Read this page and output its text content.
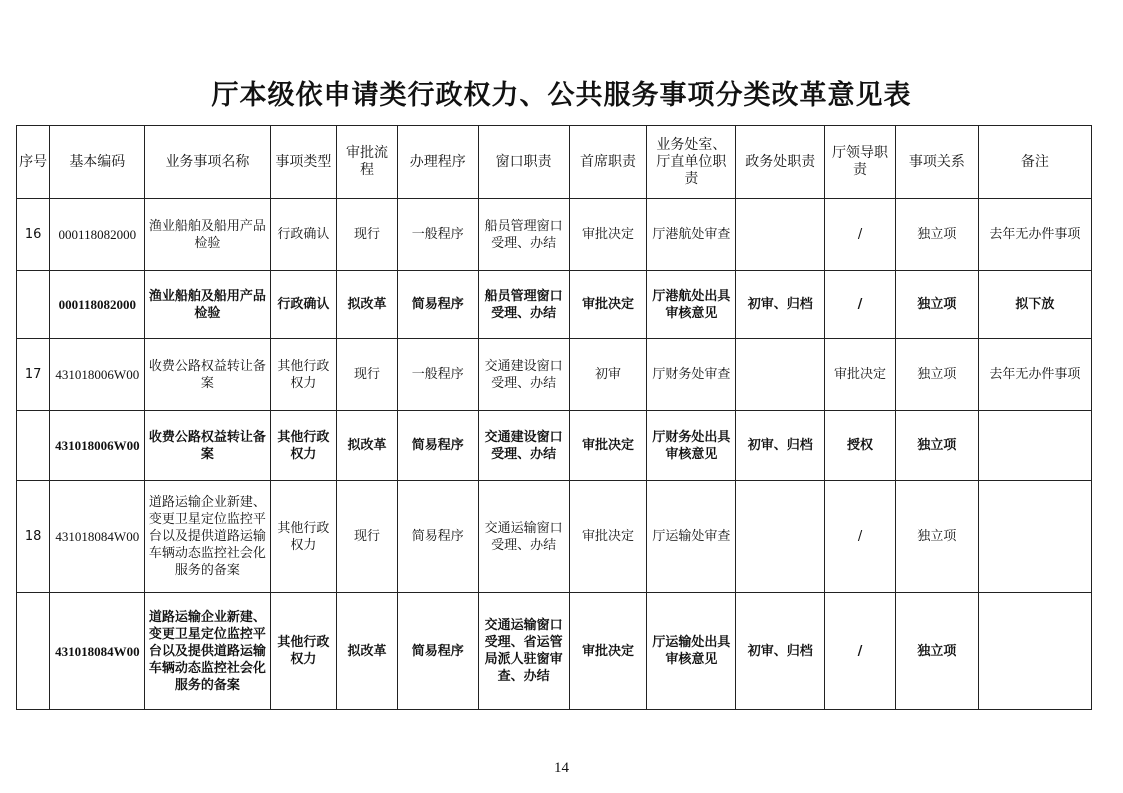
厅本级依申请类行政权力、公共服务事项分类改革意见表
序号	基本编码	业务事项名称	事项类型	审批流程	办理程序	窗口职责	首席职责	业务处室、厅直单位职责	政务处职责	厅领导职责	事项关系	备注
16	000118082000	渔业船舶及船用产品检验	行政确认	现行	一般程序	船员管理窗口受理、办结	审批决定	厅港航处审查		/	独立项	去年无办件事项
	000118082000	渔业船舶及船用产品检验	行政确认	拟改革	简易程序	船员管理窗口受理、办结	审批决定	厅港航处出具审核意见	初审、归档	/	独立项	拟下放
17	431018006W00	收费公路权益转让备案	其他行政权力	现行	一般程序	交通建设窗口受理、办结	初审	厅财务处审查		审批决定	独立项	去年无办件事项
	431018006W00	收费公路权益转让备案	其他行政权力	拟改革	简易程序	交通建设窗口受理、办结	审批决定	厅财务处出具审核意见	初审、归档	授权	独立项	
18	431018084W00	道路运输企业新建、变更卫星定位监控平台以及提供道路运输车辆动态监控社会化服务的备案	其他行政权力	现行	简易程序	交通运输窗口受理、办结	审批决定	厅运输处审查		/	独立项	
	431018084W00	道路运输企业新建、变更卫星定位监控平台以及提供道路运输车辆动态监控社会化服务的备案	其他行政权力	拟改革	简易程序	交通运输窗口受理、省运管局派人驻窗审查、办结	审批决定	厅运输处出具审核意见	初审、归档	/	独立项	
14
